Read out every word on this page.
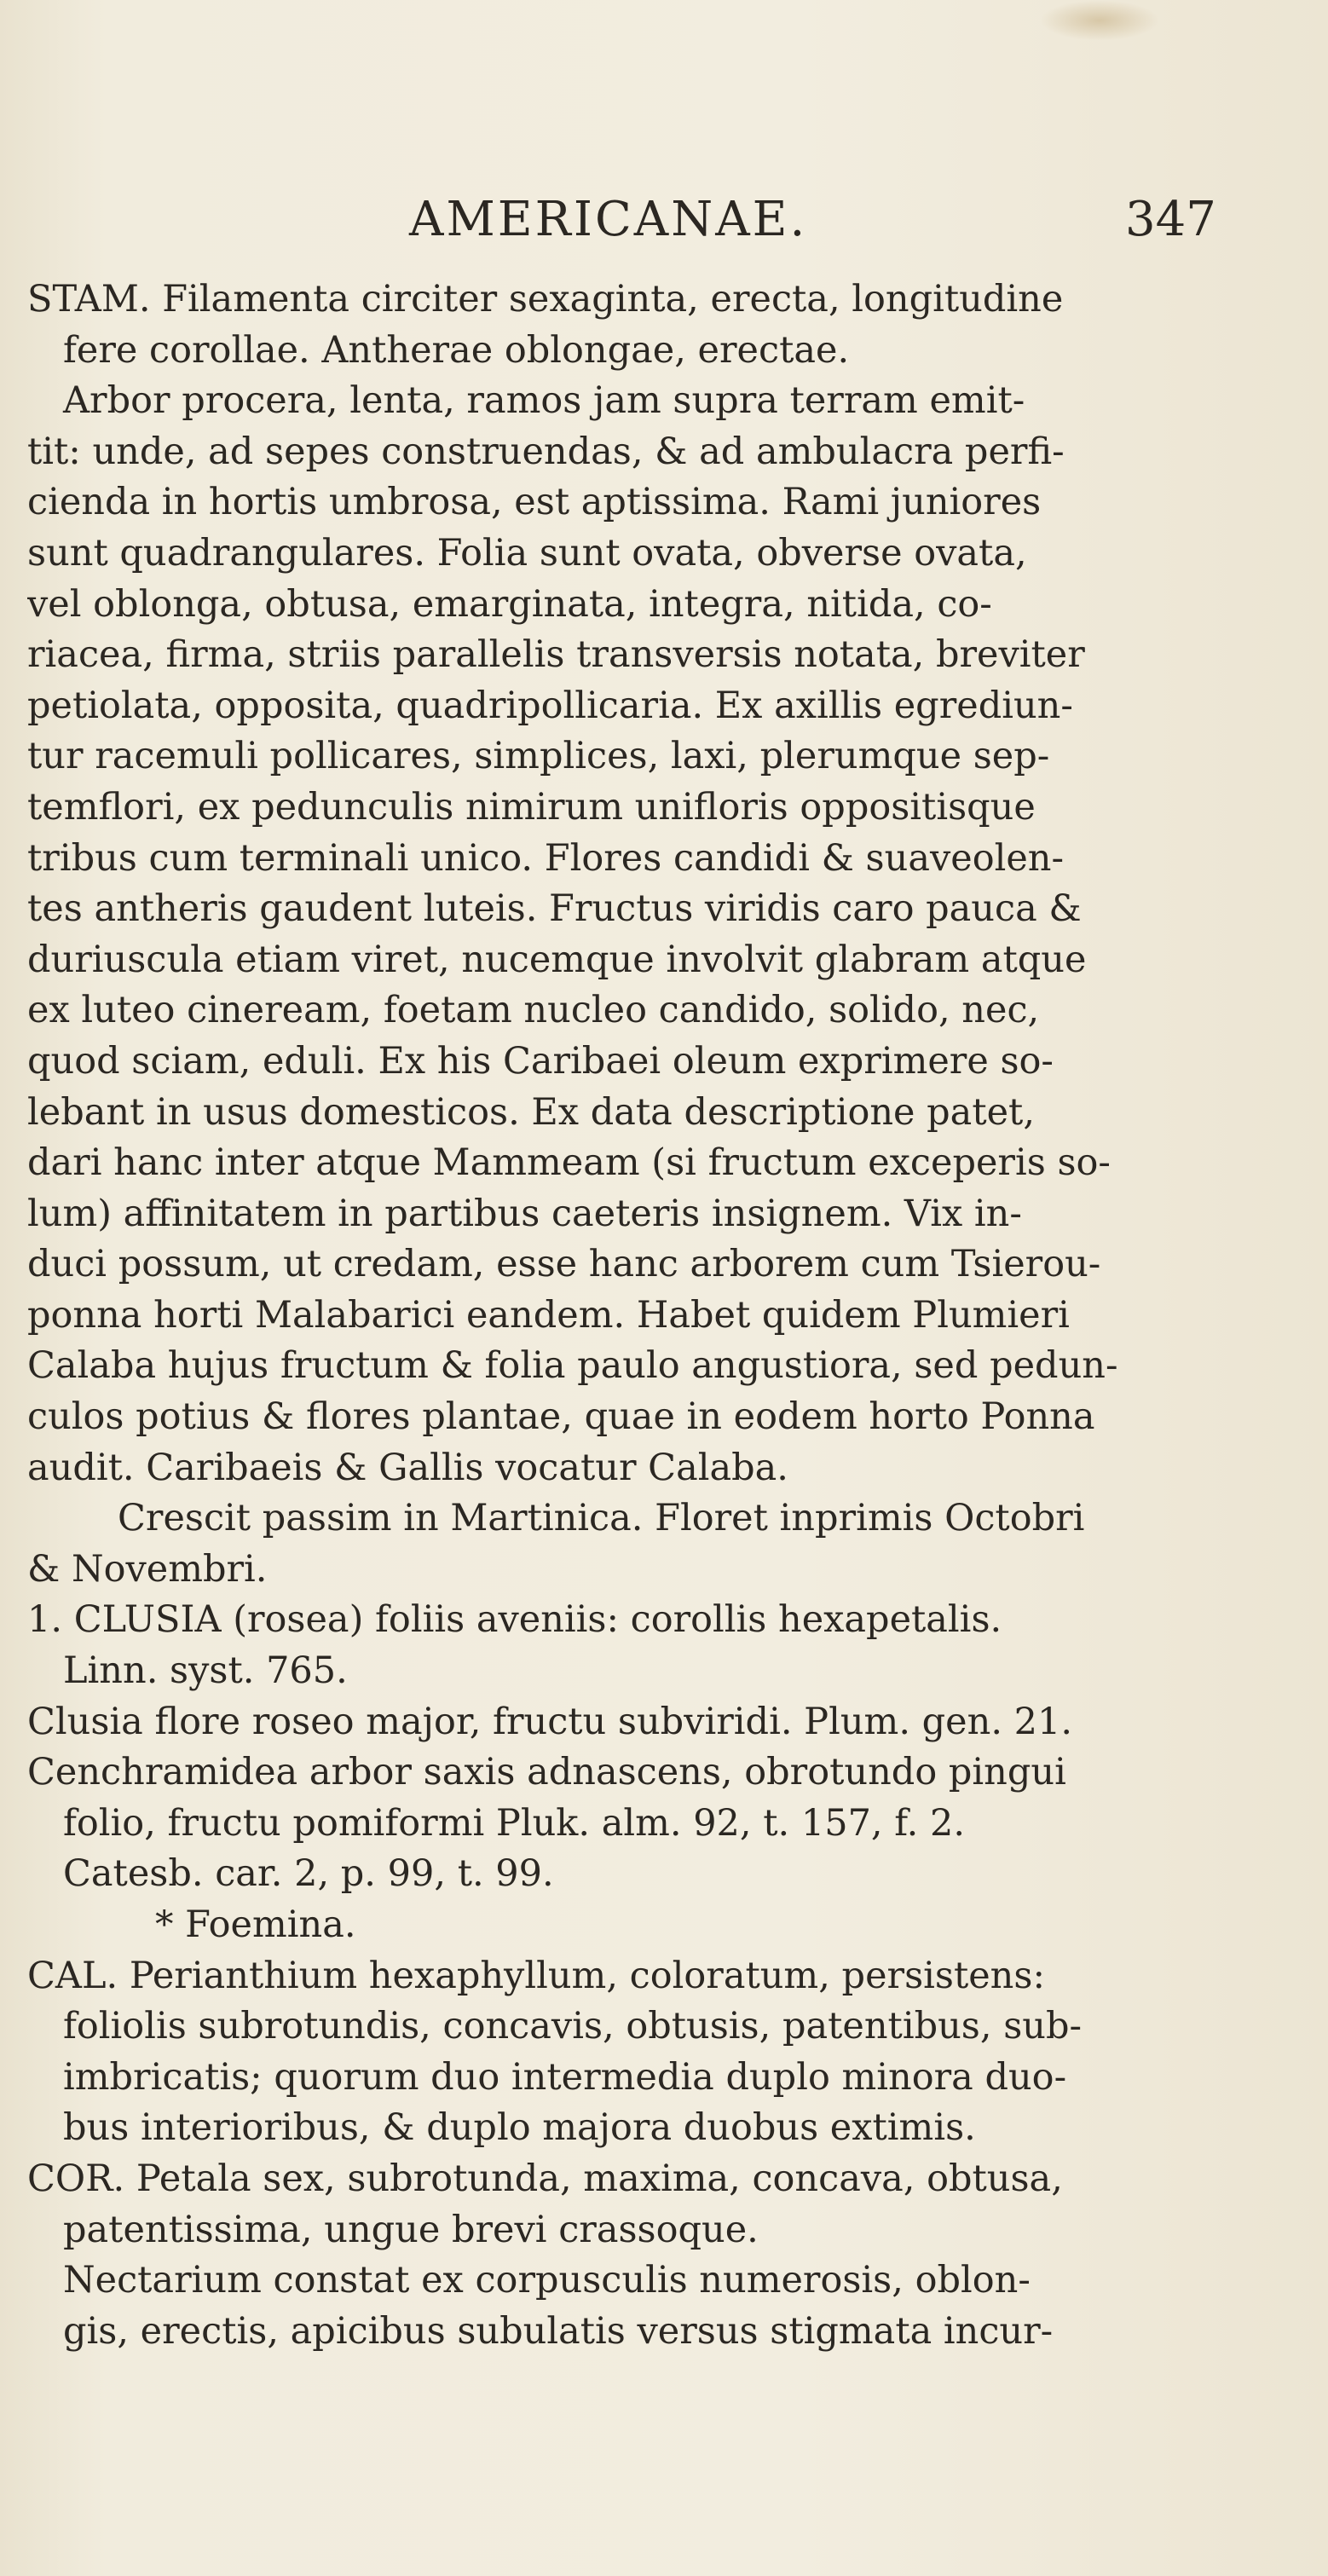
AMERICANAE.	347
STAM. Filamenta circiter sexaginta, erecta, longitudine
fere corollae. Antherae oblongae, erectae.
Arbor procera, lenta, ramos jam supra terram emit-
tit: unde, ad sepes construendas, & ad ambulacra perfi-
cienda in hortis umbrosa, est aptissima. Rami juniores
sunt quadrangulares. Folia sunt ovata, obverse ovata,
vel oblonga, obtusa, emarginata, integra, nitida, co-
riacea, firma, striis parallelis transversis notata, breviter
petiolata, opposita, quadripollicaria. Ex axillis egrediun-
tur racemuli pollicares, simplices, laxi, plerumque sep-
temflori, ex pedunculis nimirum unifloris oppositisque
tribus cum terminali unico. Flores candidi & suaveolen-
tes antheris gaudent luteis. Fructus viridis caro pauca &
duriuscula etiam viret, nucemque involvit glabram atque
ex luteo cineream, foetam nucleo candido, solido, nec,
quod sciam, eduli. Ex his Caribaei oleum exprimere so-
lebant in usus domesticos. Ex data descriptione patet,
dari hanc inter atque Mammeam (si fructum exceperis so-
lum) affinitatem in partibus caeteris insignem. Vix in-
duci possum, ut credam, esse hanc arborem cum Tsierou-
ponna horti Malabarici eandem. Habet quidem Plumieri
Calaba hujus fructum & folia paulo angustiora, sed pedun-
culos potius & flores plantae, quae in eodem horto Ponna
audit. Caribaeis & Gallis vocatur Calaba.
Crescit passim in Martinica. Floret inprimis Octobri
& Novembri.
1. CLUSIA (rosea) foliis aveniis: corollis hexapetalis.
Linn. syst. 765.
Clusia flore roseo major, fructu subviridi. Plum. gen. 21.
Cenchramidea arbor saxis adnascens, obrotundo pingui
folio, fructu pomiformi Pluk. alm. 92, t. 157, f. 2.
Catesb. car. 2, p. 99, t. 99.
* Foemina.
CAL. Perianthium hexaphyllum, coloratum, persistens:
foliolis subrotundis, concavis, obtusis, patentibus, sub-
imbricatis; quorum duo intermedia duplo minora duo-
bus interioribus, & duplo majora duobus extimis.
COR. Petala sex, subrotunda, maxima, concava, obtusa,
patentissima, ungue brevi crassoque.
Nectarium constat ex corpusculis numerosis, oblon-
gis, erectis, apicibus subulatis versus stigmata incur-
